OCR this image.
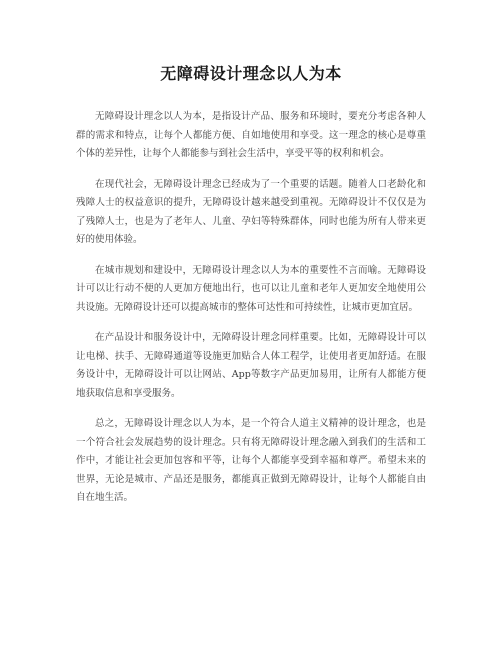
无障碍设计理念以人为本

无障碍设计理念以人为本，是指设计产品、服务和环境时，要充分考虑各种人群的需求和特点，让每个人都能方便、自如地使用和享受。这一理念的核心是尊重个体的差异性，让每个人都能参与到社会生活中，享受平等的权利和机会。

在现代社会，无障碍设计理念已经成为了一个重要的话题。随着人口老龄化和残障人士的权益意识的提升，无障碍设计越来越受到重视。无障碍设计不仅仅是为了残障人士，也是为了老年人、儿童、孕妇等特殊群体，同时也能为所有人带来更好的使用体验。

在城市规划和建设中，无障碍设计理念以人为本的重要性不言而喻。无障碍设计可以让行动不便的人更加方便地出行，也可以让儿童和老年人更加安全地使用公共设施。无障碍设计还可以提高城市的整体可达性和可持续性，让城市更加宜居。

在产品设计和服务设计中，无障碍设计理念同样重要。比如，无障碍设计可以让电梯、扶手、无障碍通道等设施更加贴合人体工程学，让使用者更加舒适。在服务设计中，无障碍设计可以让网站、App等数字产品更加易用，让所有人都能方便地获取信息和享受服务。

总之，无障碍设计理念以人为本，是一个符合人道主义精神的设计理念，也是一个符合社会发展趋势的设计理念。只有将无障碍设计理念融入到我们的生活和工作中，才能让社会更加包容和平等，让每个人都能享受到幸福和尊严。希望未来的世界，无论是城市、产品还是服务，都能真正做到无障碍设计，让每个人都能自由自在地生活。
